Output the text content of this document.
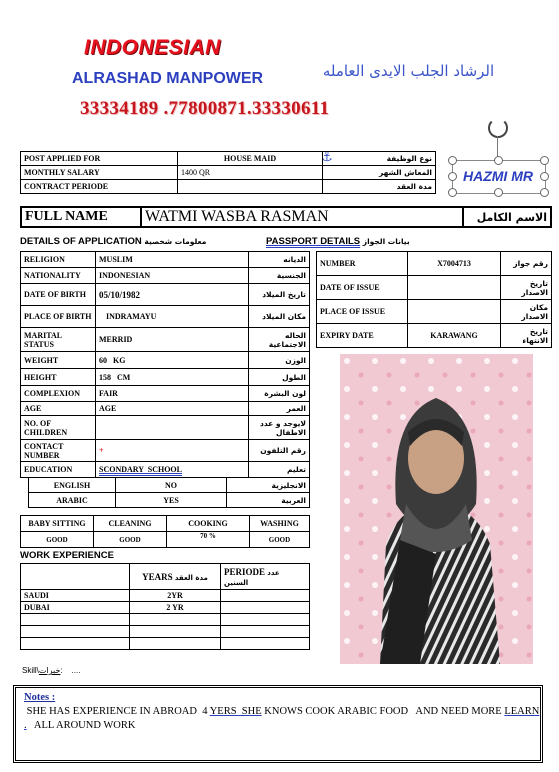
INDONESIAN
ALRASHAD MANPOWER	الرشاد الجلب الايدى العامله
33334189 .77800871.33330611
HAZMI MR
⚓
POST APPLIED FOR	HOUSE MAID	نوع الوظيفة
MONTHLY SALARY	1400 QR	المعاش الشهر
CONTRACT PERIODE		مدة العقد
FULL NAME	WATMI WASBA RASMAN	الاسم الكامل
DETAILS OF APPLICATION معلومات شخصية	PASSPORT DETAILS بيانات الجواز
RELIGION	MUSLIM	الديانه
NATIONALITY	INDONESIAN	الجنسية
DATE OF BIRTH	05/10/1982	تاريخ الميلاد
PLACE OF BIRTH	INDRAMAYU	مكان الميلاد
MARITAL STATUS	MERRID	الحاله الاجتماعية
WEIGHT	60   KG	الوزن
HEIGHT	158   CM	الطول
COMPLEXION	FAIR	لون البشرة
AGE	AGE	العمر
NO. OF CHILDREN		لايوجد و عدد الاطفال
CONTACT NUMBER	+	رقم التلفون
EDUCATION	SCONDARY  SCHOOL	تعليم
ENGLISH	NO	الانجليزية
ARABIC	YES	العربية
NUMBER	X7004713	رقم جواز
DATE OF ISSUE		تاريخ الاصدار
PLACE OF ISSUE		مكان الاصدار
EXPIRY DATE	KARAWANG	تاريخ الانتهاء
BABY SITTING	CLEANING	COOKING	WASHING
GOOD	GOOD	70 %	GOOD
WORK EXPERIENCE
	YEARS مدة العقد	PERIODE عدد السنين
SAUDI	2YR	
DUBAI	2 YR	

Skill\خبرات:    ....
Notes : SHE HAS EXPERIENCE IN ABROAD  4 YERS  SHE KNOWS COOK ARABIC FOOD   AND NEED MORE LEARN .   ALL AROUND WORK
